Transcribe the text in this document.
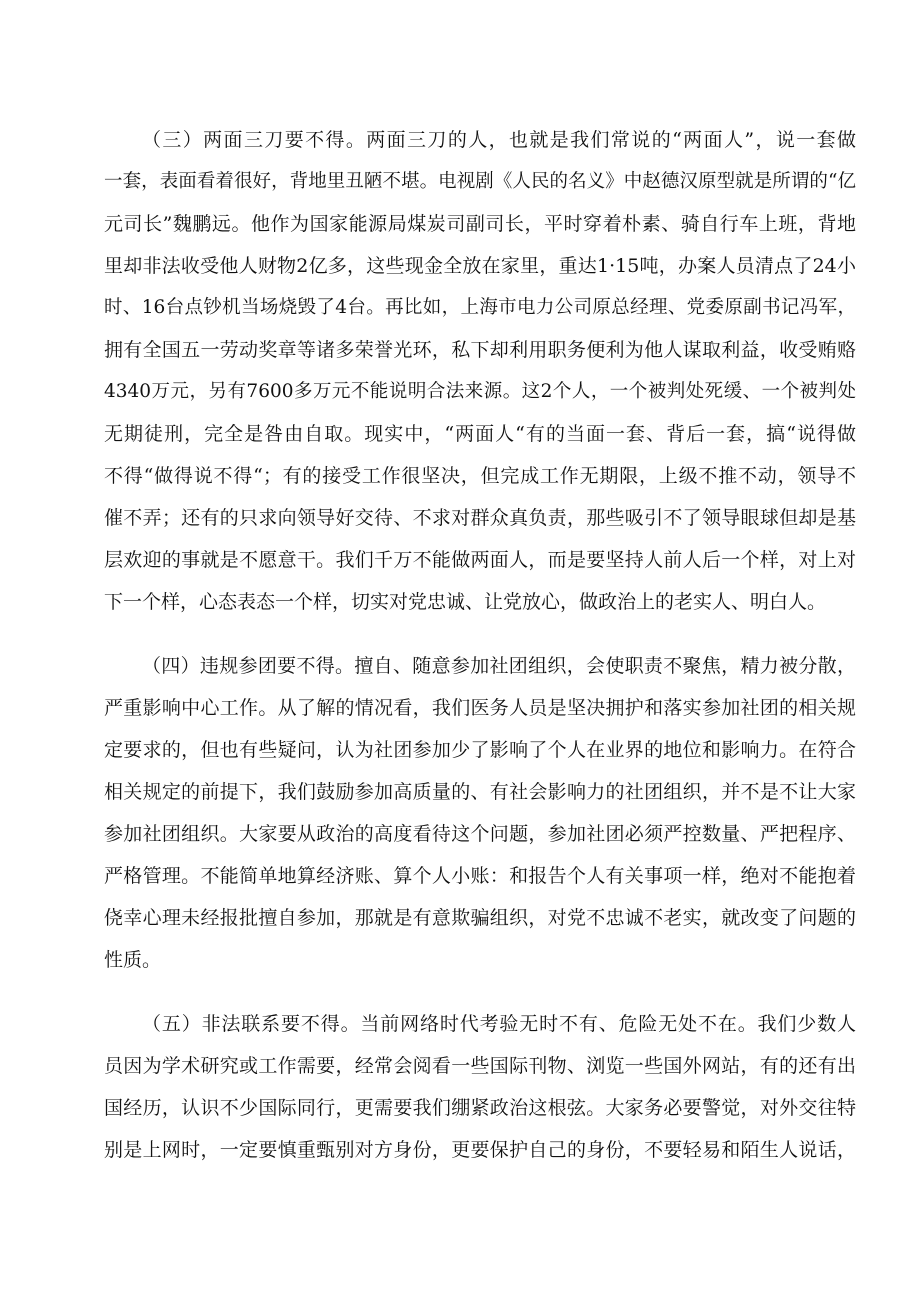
（三）两面三刀要不得。两面三刀的人，也就是我们常说的“两面人”，说一套做

一套，表面看着很好，背地里丑陋不堪。电视剧《人民的名义》中赵德汉原型就是所谓的“亿

元司长”魏鹏远。他作为国家能源局煤炭司副司长，平时穿着朴素、骑自行车上班，背地

里却非法收受他人财物2亿多，这些现金全放在家里，重达1·15吨，办案人员清点了24小

时、16台点钞机当场烧毁了4台。再比如，上海市电力公司原总经理、党委原副书记冯军，

拥有全国五一劳动奖章等诸多荣誉光环，私下却利用职务便利为他人谋取利益，收受贿赂

4340万元，另有7600多万元不能说明合法来源。这2个人，一个被判处死缓、一个被判处

无期徒刑，完全是咎由自取。现实中，“两面人“有的当面一套、背后一套，搞“说得做

不得“做得说不得“；有的接受工作很坚决，但完成工作无期限，上级不推不动，领导不

催不弄；还有的只求向领导好交待、不求对群众真负责，那些吸引不了领导眼球但却是基

层欢迎的事就是不愿意干。我们千万不能做两面人，而是要坚持人前人后一个样，对上对

下一个样，心态表态一个样，切实对党忠诚、让党放心，做政治上的老实人、明白人。

（四）违规参团要不得。擅自、随意参加社团组织，会使职责不聚焦，精力被分散，

严重影响中心工作。从了解的情况看，我们医务人员是坚决拥护和落实参加社团的相关规

定要求的，但也有些疑问，认为社团参加少了影响了个人在业界的地位和影响力。在符合

相关规定的前提下，我们鼓励参加高质量的、有社会影响力的社团组织，并不是不让大家

参加社团组织。大家要从政治的高度看待这个问题，参加社团必须严控数量、严把程序、

严格管理。不能简单地算经济账、算个人小账：和报告个人有关事项一样，绝对不能抱着

侥幸心理未经报批擅自参加，那就是有意欺骗组织，对党不忠诚不老实，就改变了问题的

性质。

（五）非法联系要不得。当前网络时代考验无时不有、危险无处不在。我们少数人

员因为学术研究或工作需要，经常会阅看一些国际刊物、浏览一些国外网站，有的还有出

国经历，认识不少国际同行，更需要我们绷紧政治这根弦。大家务必要警觉，对外交往特

别是上网时，一定要慎重甄别对方身份，更要保护自己的身份，不要轻易和陌生人说话，
